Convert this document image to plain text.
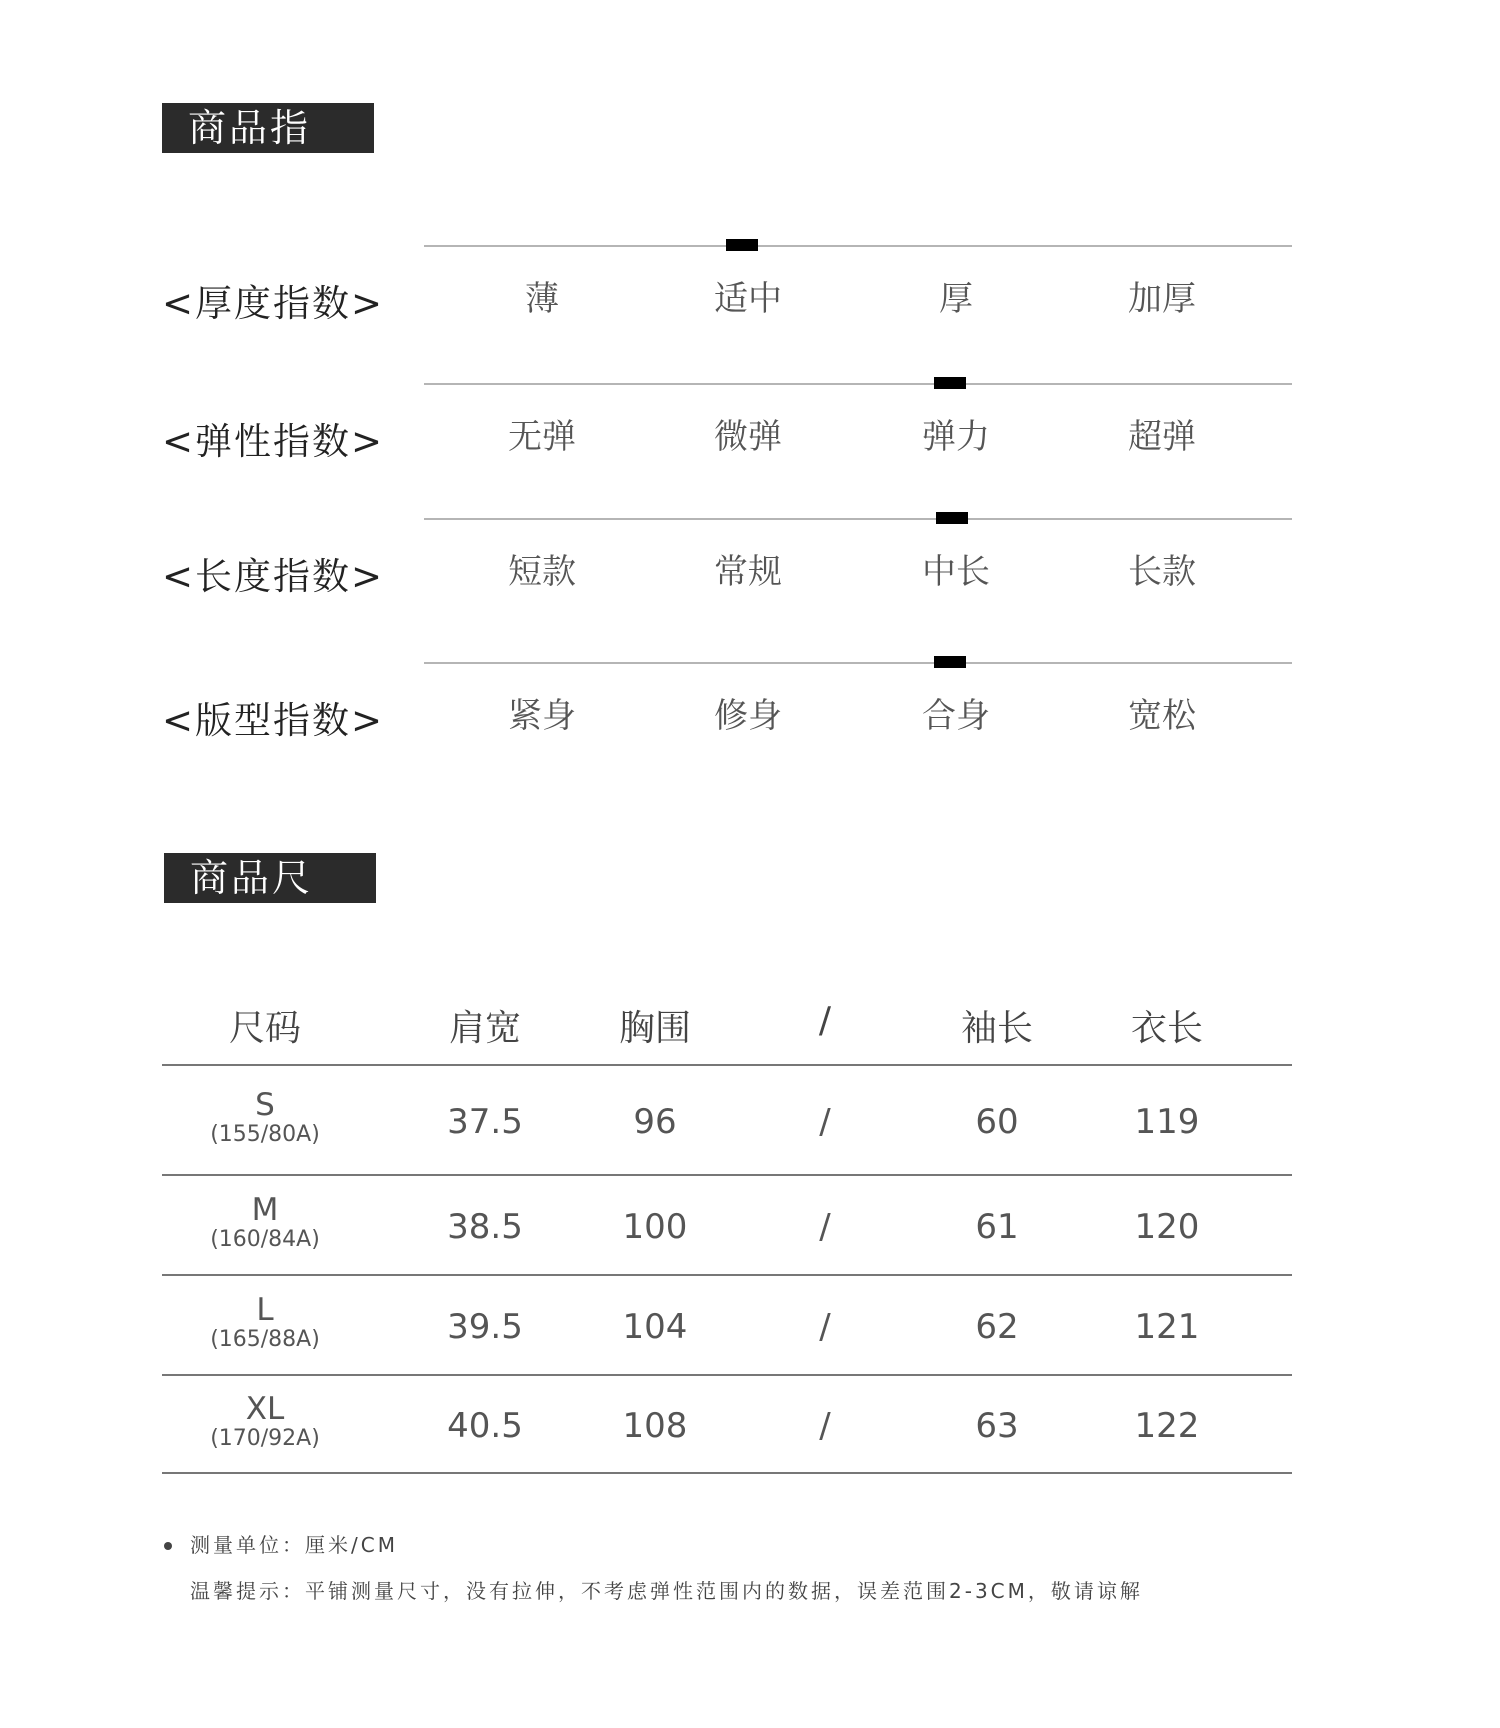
商品指数
<厚度指数>	薄	适中	厚	加厚
<弹性指数>	无弹	微弹	弹力	超弹
<长度指数>	短款	常规	中长	长款
<版型指数>	紧身	修身	合身	宽松
商品尺寸
尺码	肩宽	胸围	/	袖长	衣长
S
(155/80A)	37.5	96	/	60	119
M
(160/84A)	38.5	100	/	61	120
L
(165/88A)	39.5	104	/	62	121
XL
(170/92A)	40.5	108	/	63	122
测量单位：厘米/CM
温馨提示：平铺测量尺寸，没有拉伸，不考虑弹性范围内的数据，误差范围2-3CM，敬请谅解
